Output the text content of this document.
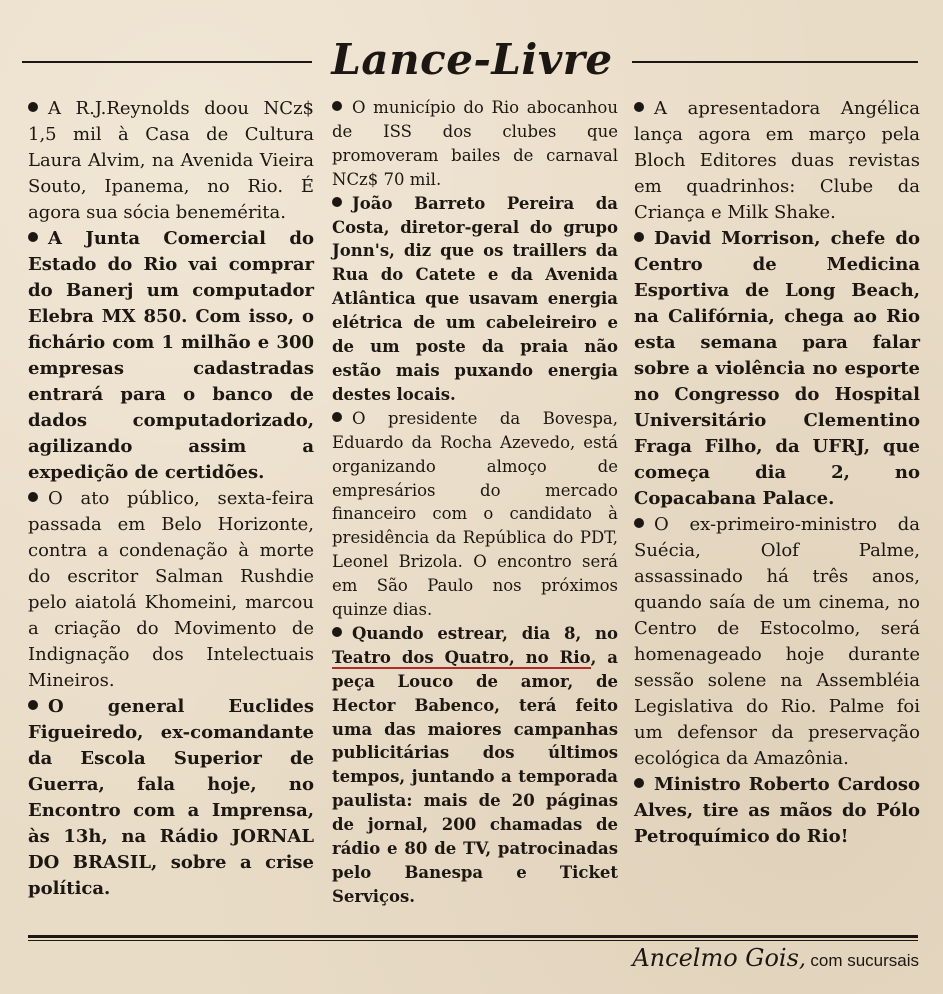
Lance-Livre

A R.J.Reynolds doou NCz$ 1,5 mil à Casa de Cultura Laura Alvim, na Avenida Vieira Souto, Ipanema, no Rio. É agora sua sócia benemérita.

A Junta Comercial do Estado do Rio vai comprar do Banerj um computador Elebra MX 850. Com isso, o fichário com 1 milhão e 300 empresas cadastradas entrará para o banco de dados computadorizado, agilizando assim a expedição de certidões.

O ato público, sexta-feira passada em Belo Horizonte, contra a condenação à morte do escritor Salman Rushdie pelo aiatolá Khomeini, marcou a criação do Movimento de Indignação dos Intelectuais Mineiros.

O general Euclides Figueiredo, ex-comandante da Escola Superior de Guerra, fala hoje, no Encontro com a Imprensa, às 13h, na Rádio JORNAL DO BRASIL, sobre a crise política.

O município do Rio abocanhou de ISS dos clubes que promoveram bailes de carnaval NCz$ 70 mil.

João Barreto Pereira da Costa, diretor-geral do grupo Jonn's, diz que os traillers da Rua do Catete e da Avenida Atlântica que usavam energia elétrica de um cabeleireiro e de um poste da praia não estão mais puxando energia destes locais.

O presidente da Bovespa, Eduardo da Rocha Azevedo, está organizando almoço de empresários do mercado financeiro com o candidato à presidência da República do PDT, Leonel Brizola. O encontro será em São Paulo nos próximos quinze dias.

Quando estrear, dia 8, no Teatro dos Quatro, no Rio, a peça Louco de amor, de Hector Babenco, terá feito uma das maiores campanhas publicitárias dos últimos tempos, juntando a temporada paulista: mais de 20 páginas de jornal, 200 chamadas de rádio e 80 de TV, patrocinadas pelo Banespa e Ticket Serviços.

A apresentadora Angélica lança agora em março pela Bloch Editores duas revistas em quadrinhos: Clube da Criança e Milk Shake.

David Morrison, chefe do Centro de Medicina Esportiva de Long Beach, na Califórnia, chega ao Rio esta semana para falar sobre a violência no esporte no Congresso do Hospital Universitário Clementino Fraga Filho, da UFRJ, que começa dia 2, no Copacabana Palace.

O ex-primeiro-ministro da Suécia, Olof Palme, assassinado há três anos, quando saía de um cinema, no Centro de Estocolmo, será homenageado hoje durante sessão solene na Assembléia Legislativa do Rio. Palme foi um defensor da preservação ecológica da Amazônia.

Ministro Roberto Cardoso Alves, tire as mãos do Pólo Petroquímico do Rio!

Ancelmo Gois, com sucursais
